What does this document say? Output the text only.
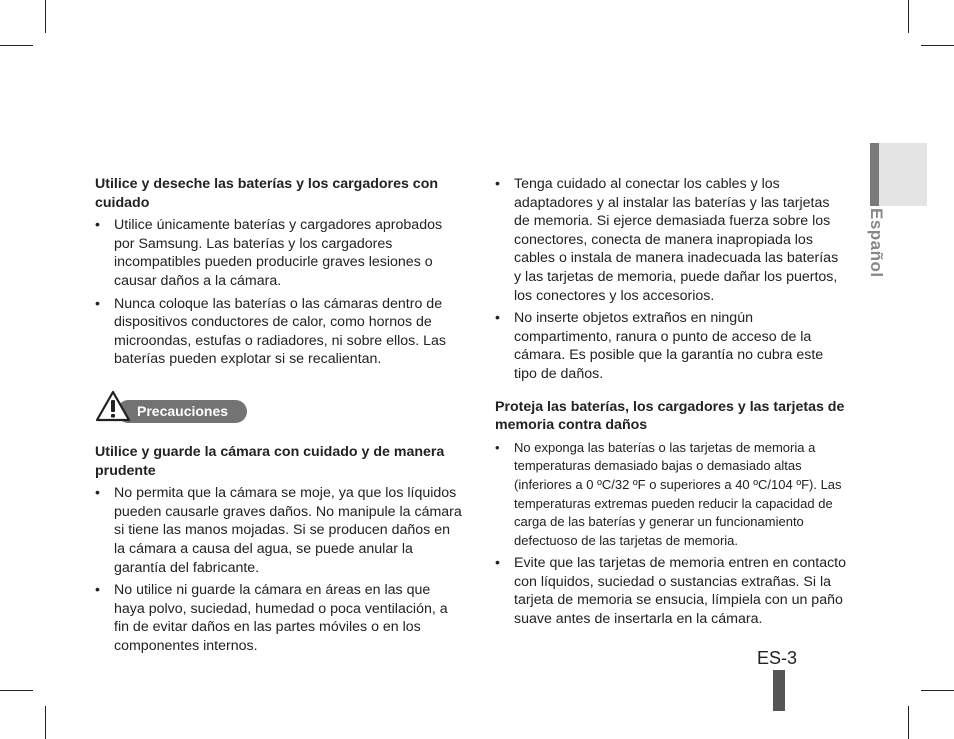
Español
Utilice y deseche las baterías y los cargadores con cuidado
• Utilice únicamente baterías y cargadores aprobados por Samsung. Las baterías y los cargadores incompatibles pueden producirle graves lesiones o causar daños a la cámara.
• Nunca coloque las baterías o las cámaras dentro de dispositivos conductores de calor, como hornos de microondas, estufas o radiadores, ni sobre ellos. Las baterías pueden explotar si se recalientan.
Precauciones
Utilice y guarde la cámara con cuidado y de manera prudente
• No permita que la cámara se moje, ya que los líquidos pueden causarle graves daños. No manipule la cámara si tiene las manos mojadas. Si se producen daños en la cámara a causa del agua, se puede anular la garantía del fabricante.
• No utilice ni guarde la cámara en áreas en las que haya polvo, suciedad, humedad o poca ventilación, a fin de evitar daños en las partes móviles o en los componentes internos.
• Tenga cuidado al conectar los cables y los adaptadores y al instalar las baterías y las tarjetas de memoria. Si ejerce demasiada fuerza sobre los conectores, conecta de manera inapropiada los cables o instala de manera inadecuada las baterías y las tarjetas de memoria, puede dañar los puertos, los conectores y los accesorios.
• No inserte objetos extraños en ningún compartimento, ranura o punto de acceso de la cámara. Es posible que la garantía no cubra este tipo de daños.
Proteja las baterías, los cargadores y las tarjetas de memoria contra daños
• No exponga las baterías o las tarjetas de memoria a temperaturas demasiado bajas o demasiado altas (inferiores a 0 ºC/32 ºF o superiores a 40 ºC/104 ºF). Las temperaturas extremas pueden reducir la capacidad de carga de las baterías y generar un funcionamiento defectuoso de las tarjetas de memoria.
• Evite que las tarjetas de memoria entren en contacto con líquidos, suciedad o sustancias extrañas. Si la tarjeta de memoria se ensucia, límpiela con un paño suave antes de insertarla en la cámara.
ES-3
